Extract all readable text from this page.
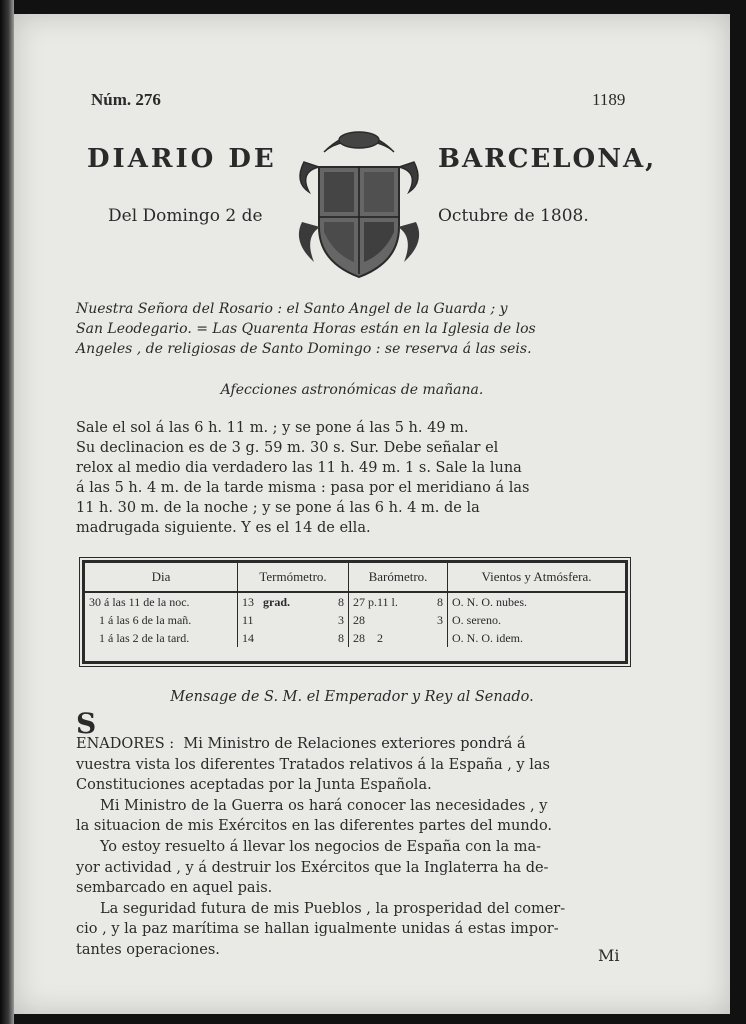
Núm. 276	1189
DIARIO DE	BARCELONA,
Del Domingo 2 de	Octubre de 1808.

Nuestra Señora del Rosario : el Santo Angel de la Guarda ; y
San Leodegario. = Las Quarenta Horas están en la Iglesia de los
Angeles , de religiosas de Santo Domingo : se reserva á las seis.

Afecciones astronómicas de mañana.

Sale el sol á las 6 h. 11 m. ; y se pone á las 5 h. 49 m.
Su declinacion es de 3 g. 59 m. 30 s. Sur. Debe señalar el
relox al medio dia verdadero las 11 h. 49 m. 1 s. Sale la luna
á las 5 h. 4 m. de la tarde misma : pasa por el meridiano á las
11 h. 30 m. de la noche ; y se pone á las 6 h. 4 m. de la
madrugada siguiente. Y es el 14 de ella.

Dia	Termómetro.	Barómetro.	Vientos y Atmósfera.
30 á las 11 de la noc.	13 grad. 8	27 p.11 l. 8	O. N. O. nubes.
1 á las 6 de la mañ.	11 3	28 3	O. sereno.
1 á las 2 de la tard.	14 8	28    2	O. N. O. idem.

Mensage de S. M. el Emperador y Rey al Senado.

S
ENADORES : Mi Ministro de Relaciones exteriores pondrá á
vuestra vista los diferentes Tratados relativos á la España , y las
Constituciones aceptadas por la Junta Española.
Mi Ministro de la Guerra os hará conocer las necesidades , y
la situacion de mis Exércitos en las diferentes partes del mundo.
Yo estoy resuelto á llevar los negocios de España con la ma-
yor actividad , y á destruir los Exércitos que la Inglaterra ha de-
sembarcado en aquel pais.
La seguridad futura de mis Pueblos , la prosperidad del comer-
cio , y la paz marítima se hallan igualmente unidas á estas impor-
tantes operaciones.	Mi
